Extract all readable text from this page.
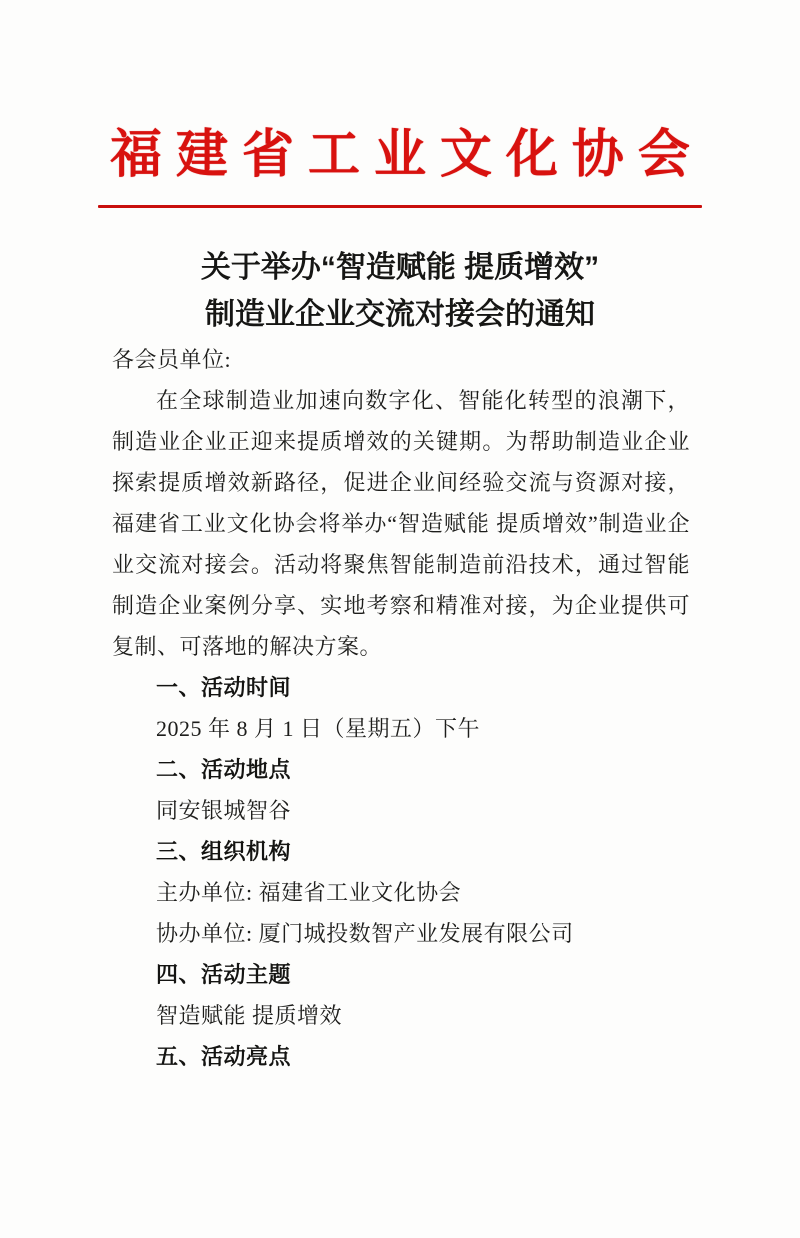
福 建 省 工 业 文 化 协 会
关于举办“智造赋能 提质增效”
制造业企业交流对接会的通知

各会员单位:

在全球制造业加速向数字化、智能化转型的浪潮下，制造业企业正迎来提质增效的关键期。为帮助制造业企业探索提质增效新路径，促进企业间经验交流与资源对接，福建省工业文化协会将举办“智造赋能 提质增效”制造业企业交流对接会。活动将聚焦智能制造前沿技术，通过智能制造企业案例分享、实地考察和精准对接，为企业提供可复制、可落地的解决方案。

一、活动时间

2025 年 8 月 1 日（星期五）下午

二、活动地点

同安银城智谷

三、组织机构

主办单位: 福建省工业文化协会

协办单位: 厦门城投数智产业发展有限公司

四、活动主题

智造赋能 提质增效

五、活动亮点
